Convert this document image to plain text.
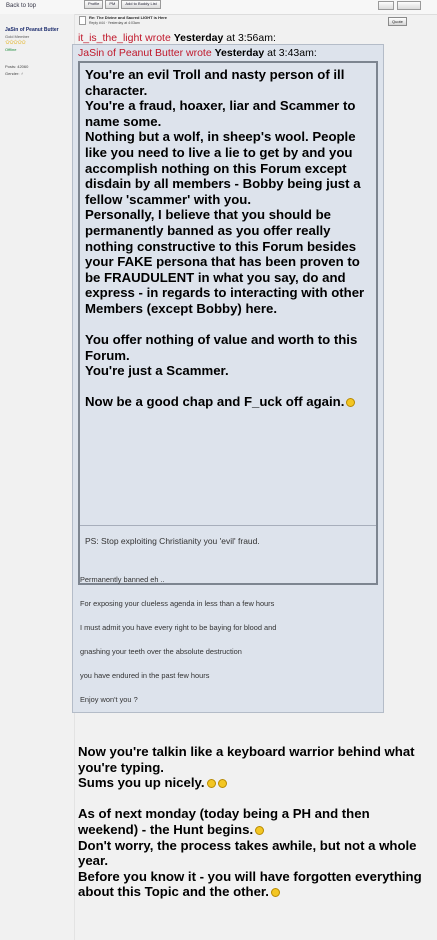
Back to top	Profile	PM	Add to Buddy List
JaSin of Peanut Butter
Gold Member
✩✩✩✩✩
Offline
Posts: 42060
Gender: ♂
Re: The Divine and Sacred LIGHT is Here
Reply #44 · Yesterday at 4:03am	Quote
it_is_the_light wrote Yesterday at 3:56am:
JaSin of Peanut Butter wrote Yesterday at 3:43am:

You're an evil Troll and nasty person of ill character.

You're a fraud, hoaxer, liar and Scammer to name some.

Nothing but a wolf, in sheep's wool. People like you need to live a lie to get by and you accomplish nothing on this Forum except disdain by all members - Bobby being just a fellow 'scammer' with you.

Personally, I believe that you should be permanently banned as you offer really nothing constructive to this Forum besides your FAKE persona that has been proven to be FRAUDULENT in what you say, do and express - in regards to interacting with other Members (except Bobby) here.

You offer nothing of value and worth to this Forum.

You're just a Scammer.

Now be a good chap and F_uck off again.

PS: Stop exploiting Christianity you 'evil' fraud.
Permanently banned eh ..
For exposing your clueless agenda in less than a few hours
I must admit you have every right to be baying for blood and
gnashing your teeth over the absolute destruction
you have endured in the past few hours
Enjoy won't you ?

Now you're talkin like a keyboard warrior behind what you're typing.

Sums you up nicely.

As of next monday (today being a PH and then weekend) - the Hunt begins.

Don't worry, the process takes awhile, but not a whole year.

Before you know it - you will have forgotten everything about this Topic and the other.
